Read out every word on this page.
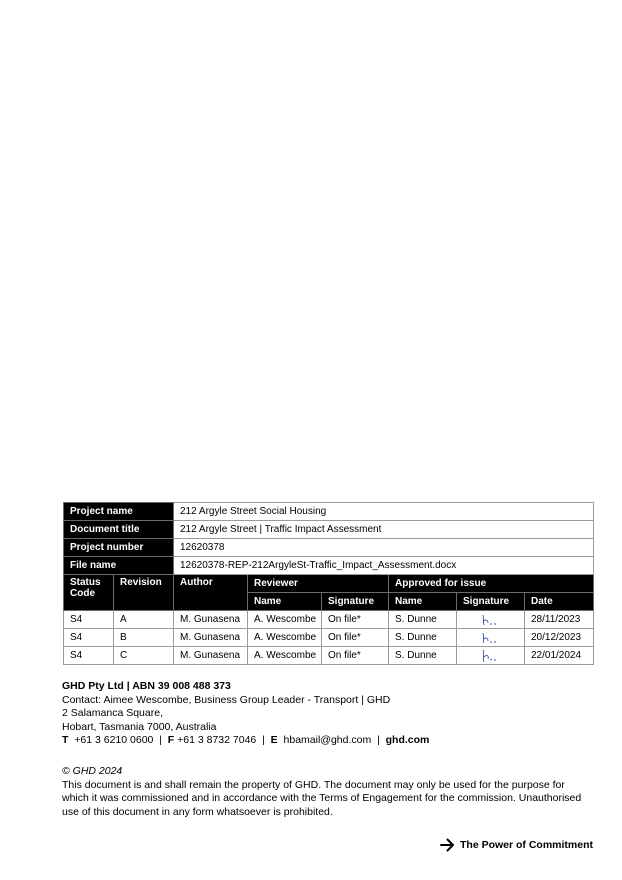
Project name		212 Argyle Street Social Housing					
Document title		212 Argyle Street | Traffic Impact Assessment					
Project number		12620378					
File name		12620378-REP-212ArgyleSt-Traffic_Impact_Assessment.docx					
Status Code	Revision	Author	Reviewer		Approved for issue		
			Name	Signature	Name	Signature	Date
S4	A	M. Gunasena	A. Wescombe	On file*	S. Dunne		28/11/2023
S4	B	M. Gunasena	A. Wescombe	On file*	S. Dunne		20/12/2023
S4	C	M. Gunasena	A. Wescombe	On file*	S. Dunne		22/01/2024

GHD Pty Ltd | ABN 39 008 488 373

Contact: Aimee Wescombe, Business Group Leader - Transport | GHD

2 Salamanca Square,

Hobart, Tasmania 7000, Australia

T +61 3 6210 0600  |  F +61 3 8732 7046  |  E hbamail@ghd.com  |  ghd.com

© GHD 2024

This document is and shall remain the property of GHD. The document may only be used for the purpose for

which it was commissioned and in accordance with the Terms of Engagement for the commission. Unauthorised

use of this document in any form whatsoever is prohibited.

The Power of Commitment
